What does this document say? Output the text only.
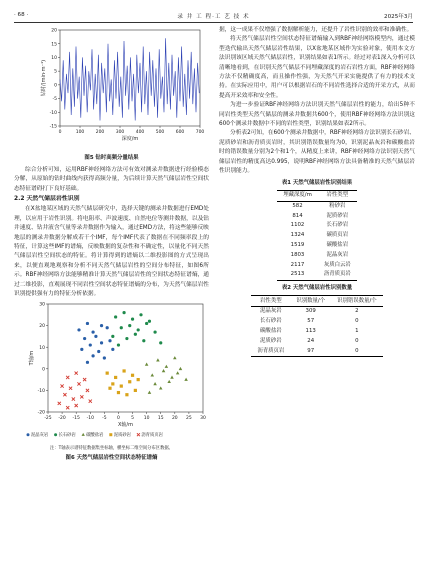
· 68 ·	录 井 工 程·工 艺 技 术	2025年3月
0	100	200	300	400	500	600	700
-15
-10
-5
0
5
10
15
20
深度/m
钻时/(min·m⁻¹)
图5 钻时高频分量结果

综合分析可知，运用RBF神经网络方法可有效对测录井数据进行经验模态分解，从原始的钻时曲线内获得高频分量，为后续计算天然气储层岩性空间状态特征谱碍打下良好基础。

2.2 天然气储层岩性识别

在X盆地某区域的天然气储层研究中，选择天键的测录井数据进行EMD处理，以应用于岩性识别。将电阻率、声波速度、自然电位等测井数据，以及钻井速度、钻井液含气量等录井数据作为输入，通过EMD方法，将这些能够反映地层的测录井数据分解成若干个IMF，每个IMF代表了数据在不同频率段上的特征，计算这些IMF的谱熵，反映数据的复杂性和不确定性，以量化不同天然气储层岩性空间状态的特征。将计算得到的谱熵以二维投影图的方式呈现出来，以便直观地观察和分析不同天然气储层岩性的空间分布特征，如图6所示。RBF神经网络方法能够精准计算天然气储层岩性的空间状态特征谱熵，通过二维投影，直观展现不同岩性空间状态特征谱熵的分布，为天然气储层岩性识别提供强有力的特征分析依据。

-25 -20 -15 -10 -5 0 5 10 15 20 25 30
-20
-10
0
10
20
30
X轴/m
T轴/m
泥晶灰岩 长石砂岩 碳酸盐岩 泥质砂岩 沥青质页岩
注：T轴表示谱特征数据集坐标轴，横坐标二维空间分布区数据。
图6 天然气储层岩性空间状态特征谱熵

据，这一成果不仅增强了数据解析能力，还提升了岩性识别的效率和准确性。

将天然气储层岩性空间状态特征谱熵输入到RBF神经网络模型内，通过模型迭代输出天然气储层岩性结果，以X盆地某区域作为实验对象，使用本文方法识别该区域天然气储层岩性，识别结果如表1所示。经过对表1深入分析可以清晰地看到，在识别天然气储层不同埋藏深度的岩石岩性方面，RBF神经网络方法不仅精确度高，而且操作性强，为天然气开采实施提供了有力的技术支持。在实际应用中，用户可以根据岩石的不同岩性选择合适的开采方式，从而提高开采效率和安全性。

为进一步验证RBF神经网络方法识别天然气储层岩性的能力，给出5种不同岩性类型天然气储层的测录井数据共600个，使用RBF神经网络方法识别这600个测录井数据中不同的岩性类型，识别结果如表2所示。

分析表2可知，在600个测录井数据中，RBF神经网络方法识别长石砂岩、泥质砂岩和沥青质页岩时，其识别错误数量均为0，识别泥晶灰岩和碳酸盐岩时的错误数量分别为2个和1个，从精度上来讲，RBF神经网络方法识别天然气储层岩性的精度高达0.995，说明RBF神经网络方法具备精准的天然气储层岩性识别能力。

表1 天然气储层岩性识别结果
埋藏深度/m	岩性类型
582	粉砂岩
814	泥质砂岩
1102	长石砂岩
1324	碳质页岩
1519	碳酸盐岩
1803	泥晶灰岩
2117	灰质白云岩
2513	沥青质页岩
表2 天然气储层岩性识别数量
岩性类型	识别数量/个	识别错误数量/个
泥晶灰岩	309	2
长石砂岩	57	0
碳酸盐岩	113	1
泥质砂岩	24	0
沥青质页岩	97	0
